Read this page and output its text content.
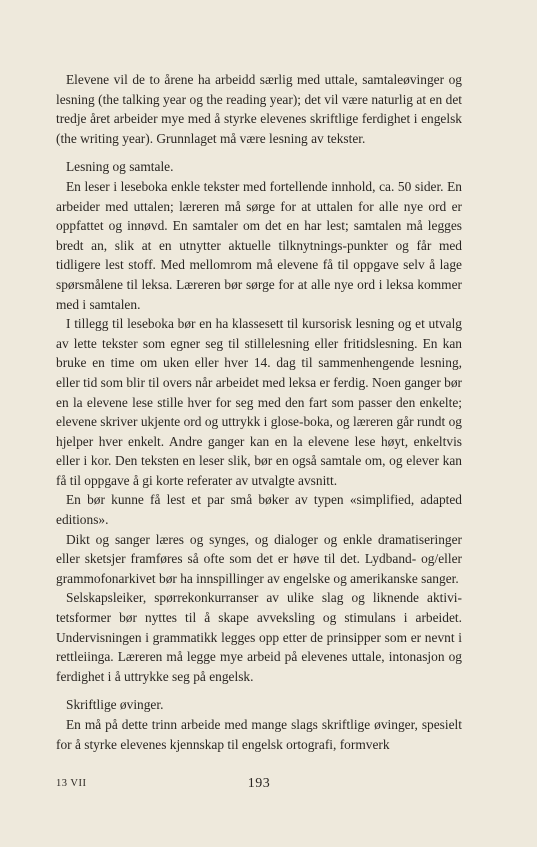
Elevene vil de to årene ha arbeidd særlig med uttale, samtaleøvinger og lesning (the talking year og the reading year); det vil være naturlig at en det tredje året arbeider mye med å styrke elevenes skriftlige ferdighet i engelsk (the writing year). Grunnlaget må være lesning av tekster.

Lesning og samtale.

En leser i leseboka enkle tekster med fortellende innhold, ca. 50 sider. En arbeider med uttalen; læreren må sørge for at uttalen for alle nye ord er oppfattet og innøvd. En samtaler om det en har lest; samtalen må legges bredt an, slik at en utnytter aktuelle tilknytnings-punkter og får med tidligere lest stoff. Med mellomrom må elevene få til oppgave selv å lage spørsmålene til leksa. Læreren bør sørge for at alle nye ord i leksa kommer med i samtalen.

I tillegg til leseboka bør en ha klassesett til kursorisk lesning og et utvalg av lette tekster som egner seg til stillelesning eller fritidslesning. En kan bruke en time om uken eller hver 14. dag til sammenhengende lesning, eller tid som blir til overs når arbeidet med leksa er ferdig. Noen ganger bør en la elevene lese stille hver for seg med den fart som passer den enkelte; elevene skriver ukjente ord og uttrykk i glose-boka, og læreren går rundt og hjelper hver enkelt. Andre ganger kan en la elevene lese høyt, enkeltvis eller i kor. Den teksten en leser slik, bør en også samtale om, og elever kan få til oppgave å gi korte referater av utvalgte avsnitt.

En bør kunne få lest et par små bøker av typen «simplified, adapted editions».

Dikt og sanger læres og synges, og dialoger og enkle dramatiseringer eller sketsjer framføres så ofte som det er høve til det. Lydband- og/eller grammofonarkivet bør ha innspillinger av engelske og amerikanske sanger.

Selskapsleiker, spørrekonkurranser av ulike slag og liknende aktivi-tetsformer bør nyttes til å skape avveksling og stimulans i arbeidet. Undervisningen i grammatikk legges opp etter de prinsipper som er nevnt i rettleiinga. Læreren må legge mye arbeid på elevenes uttale, intonasjon og ferdighet i å uttrykke seg på engelsk.

Skriftlige øvinger.

En må på dette trinn arbeide med mange slags skriftlige øvinger, spesielt for å styrke elevenes kjennskap til engelsk ortografi, formverk

13 VII	193
